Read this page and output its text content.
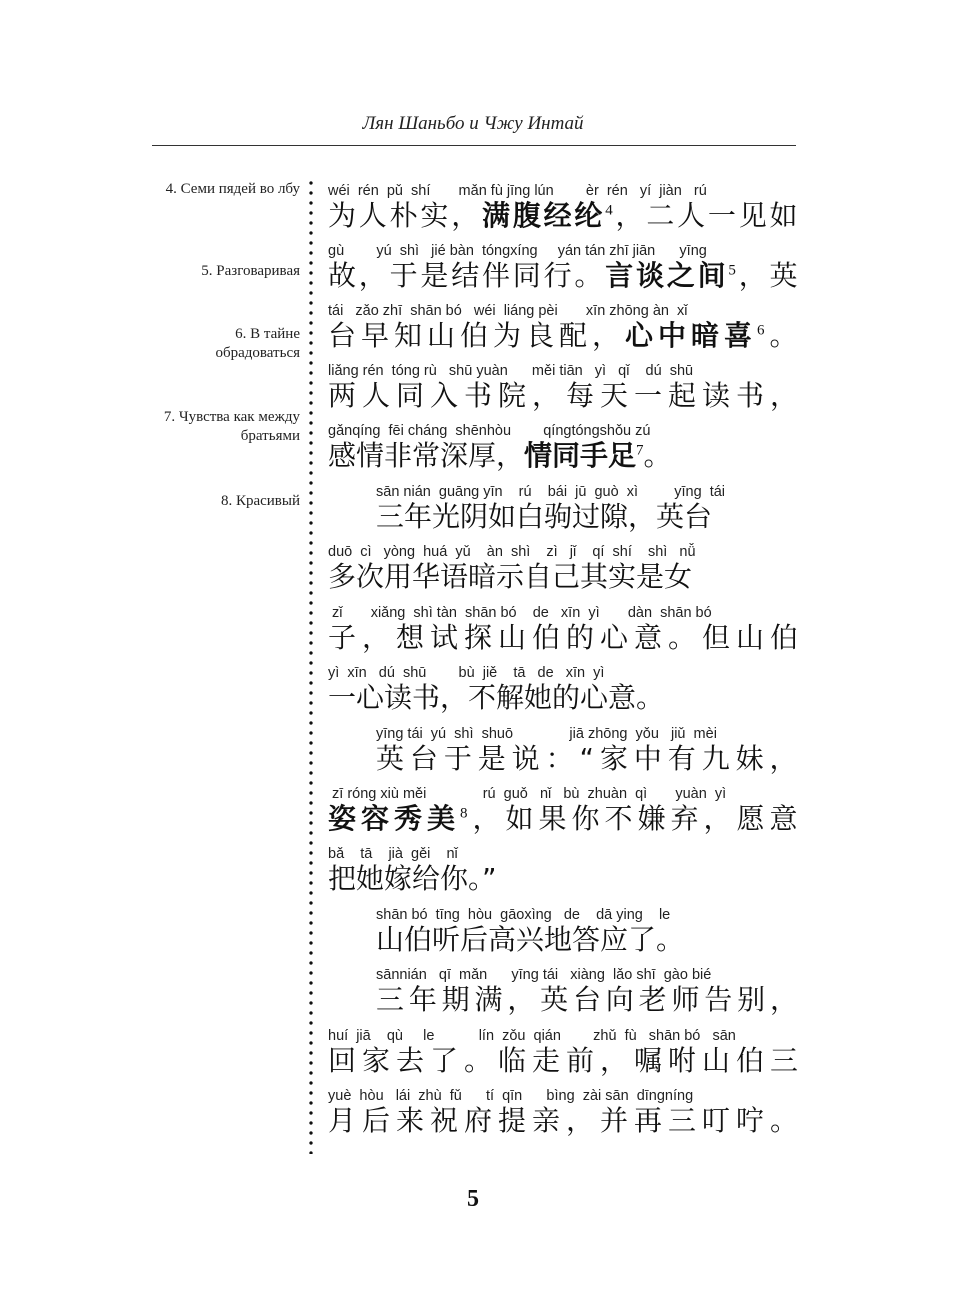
Лян Шаньбо и Чжу Интай
4. Семи пядей во лбу
5. Разговаривая
6. В тайне обрадоваться
7. Чувства как между братьями
8. Красивый
wéi  rén  pǔ  shí       mǎn fù jīng lún        èr  rén   yí  jiàn   rú
为人朴实，满腹经纶$^4$，二人一见如
gù        yú  shì   jié bàn  tóngxíng     yán tán zhī jiān      yīng
故，于是结伴同行。言谈之间$^5$，英
tái   zǎo zhī  shān bó   wéi  liáng pèi       xīn zhōng àn  xǐ
台早知山伯为良配，心中暗喜$^6$。
liǎng rén  tóng rù   shū yuàn      měi tiān   yì   qǐ    dú  shū
两人同入书院，每天一起读书，
gǎnqíng  fēi cháng  shēnhòu        qíngtóngshǒu zú
感情非常深厚，情同手足$^7$。
sān nián  guāng yīn    rú    bái  jū  guò  xì         yīng  tái
三年光阴如白驹过隙，英台
duō  cì   yòng  huá  yǔ    àn  shì    zì   jǐ    qí  shí    shì   nǚ
多次用华语暗示自己其实是女
zǐ       xiǎng  shì tàn  shān bó    de   xīn  yì       dàn  shān bó
子，想试探山伯的心意。但山伯
yì  xīn   dú  shū        bù  jiě    tā   de   xīn  yì
一心读书，不解她的心意。
yīng tái  yú  shì  shuō              jiā zhōng  yǒu   jiǔ  mèi
英台于是说：“家中有九妹，
zī róng xiù měi              rú  guǒ   nǐ   bù  zhuàn  qì       yuàn  yì
姿容秀美$^8$，如果你不嫌弃，愿意
bǎ    tā    jià  gěi    nǐ
把她嫁给你。”
shān bó  tīng  hòu  gāoxìng   de    dā ying    le
山伯听后高兴地答应了。
sānnián   qī  mǎn      yīng tái   xiàng  lǎo shī  gào bié
三年期满，英台向老师告别，
huí  jiā    qù     le           lín  zǒu  qián        zhǔ  fù   shān bó   sān
回家去了。临走前，嘱咐山伯三
yuè  hòu   lái  zhù  fǔ      tí  qīn      bìng  zài sān  dīngníng
月后来祝府提亲，并再三叮咛。
5
